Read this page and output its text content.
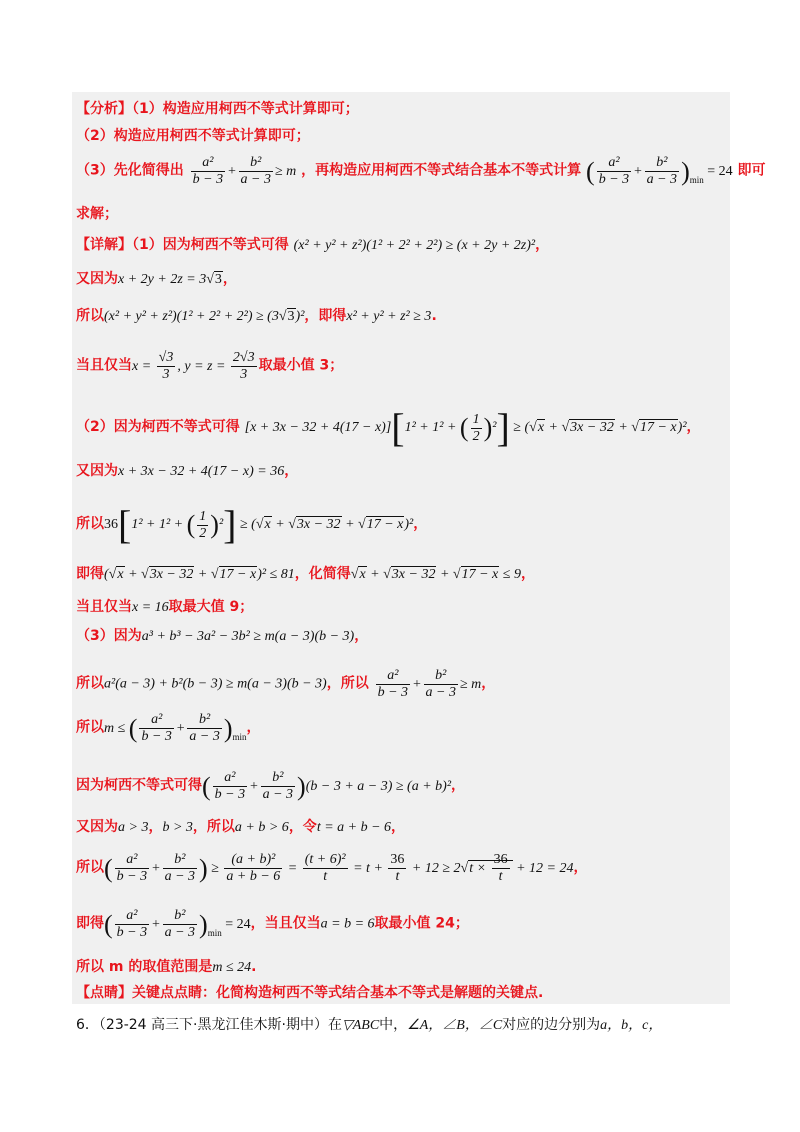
【分析】（1）构造应用柯西不等式计算即可；
（2）构造应用柯西不等式计算即可；
（3）先化简得出 $\frac{\text{a²}}{b - 3} + \frac{\text{b²}}{a - 3} \ge m$ ，再构造应用柯西不等式结合基本不等式计算 ( $\frac{\text{a²}}{b - 3} + \frac{\text{b²}}{a - 3} )_{min} = 24$ 即可
求解；
【详解】（1）因为柯西不等式可得 (x² + y² + z²)(1² + 2² + 2²) ≥ (x + 2y + 2z)²，
又因为x + 2y + 2z = 3√3，
所以(x² + y² + z²)(1² + 2² + 2²) ≥ (3√3)²，即得x² + y² + z² ≥ 3.
当且仅当$x = \frac{√3}{3}$ , $y = z = \frac{2√3}{3}$ 取最小值 3；
（2）因为柯西不等式可得 [x + 3x − 32 + 4(17 − x)][1² + 1² + ( $\frac{1}{2} )^2] \ge (√x + √3x - 32 + √17 - x)^2$，
又因为x + 3x − 32 + 4(17 − x) = 36，
所以36[1² + 1² + ( $\frac{1}{2} )^2] \ge (√x + √3x - 32 + √17 - x)^2$，
即得(√x + √3x − 32 + √17 − x)² ≤ 81，化简得√x + √3x − 32 + √17 − x ≤ 9，
当且仅当x = 16取最大值 9；
（3）因为a³ + b³ − 3a² − 3b² ≥ m(a − 3)(b − 3)，
所以a²(a − 3) + b²(b − 3) ≥ m(a − 3)(b − 3)，所以 $\frac{\text{a²}}{b - 3} + \frac{\text{b²}}{a - 3} \ge m$，
所以m ≤ ( $\frac{\text{a²}}{b - 3} + \frac{\text{b²}}{a - 3} )_{min}$，
因为柯西不等式可得( $\frac{\text{a²}}{b - 3} + \frac{\text{b²}}{a - 3} )(b - 3 + a - 3) \ge (a + b)^2$，
又因为a > 3，b > 3，所以a + b > 6，令t = a + b − 6，
所以( $\frac{\text{a²}}{b - 3} + \frac{\text{b²}}{a - 3}$ ) ≥ $\frac{\text{(a + b)²}}{a + b - 6} = \frac{\text{(t + 6)²}}{t} = t + \frac{36}{t} + 12 \ge 2√t \times \frac{36}{t} + 12 = 24$，
即得( $\frac{\text{a²}}{b - 3} + \frac{\text{b²}}{a - 3} )_{min} = 24$，当且仅当a = b = 6取最小值 24；
所以 m 的取值范围是m ≤ 24.
【点睛】关键点点睛：化简构造柯西不等式结合基本不等式是解题的关键点.
6．（23-24 高三下·黑龙江佳木斯·期中）在▽ABC中，∠A，∠B，∠C对应的边分别为a，b，c，
